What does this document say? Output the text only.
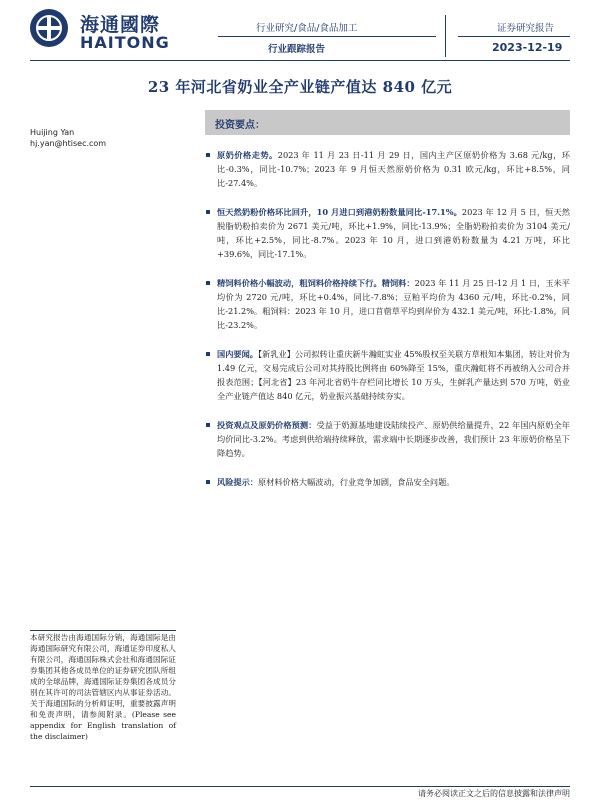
海通國際
HAITONG
行业研究/食品/食品加工
行业跟踪报告
证券研究报告
2023-12-19
23 年河北省奶业全产业链产值达 840 亿元
Huijing Yan
hj.yan@htisec.com
投资要点：
原奶价格走势。2023 年 11 月 23 日-11 月 29 日，国内主产区原奶价格为 3.68 元/kg，环比-0.3%，同比-10.7%；2023 年 9 月恒天然原奶价格为 0.31 欧元/kg，环比+8.5%，同比-27.4%。
恒天然奶粉价格环比回升，10 月进口到港奶粉数量同比-17.1%。2023 年 12 月 5 日，恒天然脱脂奶粉拍卖价为 2671 美元/吨，环比+1.9%，同比-13.9%；全脂奶粉拍卖价为 3104 美元/吨，环比+2.5%，同比-8.7%。2023 年 10 月，进口到港奶粉数量为 4.21 万吨，环比+39.6%，同比-17.1%。
精饲料价格小幅波动，粗饲料价格持续下行。精饲料：2023 年 11 月 25 日-12 月 1 日，玉米平均价为 2720 元/吨，环比+0.4%，同比-7.8%；豆粕平均价为 4360 元/吨，环比-0.2%，同比-21.2%。粗饲料：2023 年 10 月，进口苜蓿草平均到岸价为 432.1 美元/吨，环比-1.8%，同比-23.2%。
国内要闻。【新乳业】公司拟转让重庆新牛瀚虹实业 45%股权至关联方草根知本集团，转让对价为 1.49 亿元，交易完成后公司对其持股比例将由 60%降至 15%，重庆瀚虹将不再被纳入公司合并报表范围；【河北省】23 年河北省奶牛存栏同比增长 10 万头，生鲜乳产量达到 570 万吨，奶业全产业链产值达 840 亿元，奶业振兴基础持续夯实。
投资观点及原奶价格预测：受益于奶源基地建设陆续投产、原奶供给量提升，22 年国内原奶全年均价同比-3.2%。考虑到供给端持续释放，需求端中长期逐步改善，我们预计 23 年原奶价格呈下降趋势。
风险提示：原材料价格大幅波动，行业竞争加剧，食品安全问题。
本研究报告由海通国际分销，海通国际是由海通国际研究有限公司，海通证券印度私人有限公司，海通国际株式会社和海通国际证券集团其他各成员单位的证券研究团队所组成的全球品牌，海通国际证券集团各成员分别在其许可的司法管辖区内从事证券活动。关于海通国际的分析师证明，重要披露声明和免责声明，请参阅附录。(Please see appendix for English translation of the disclaimer)
请务必阅读正文之后的信息披露和法律声明
